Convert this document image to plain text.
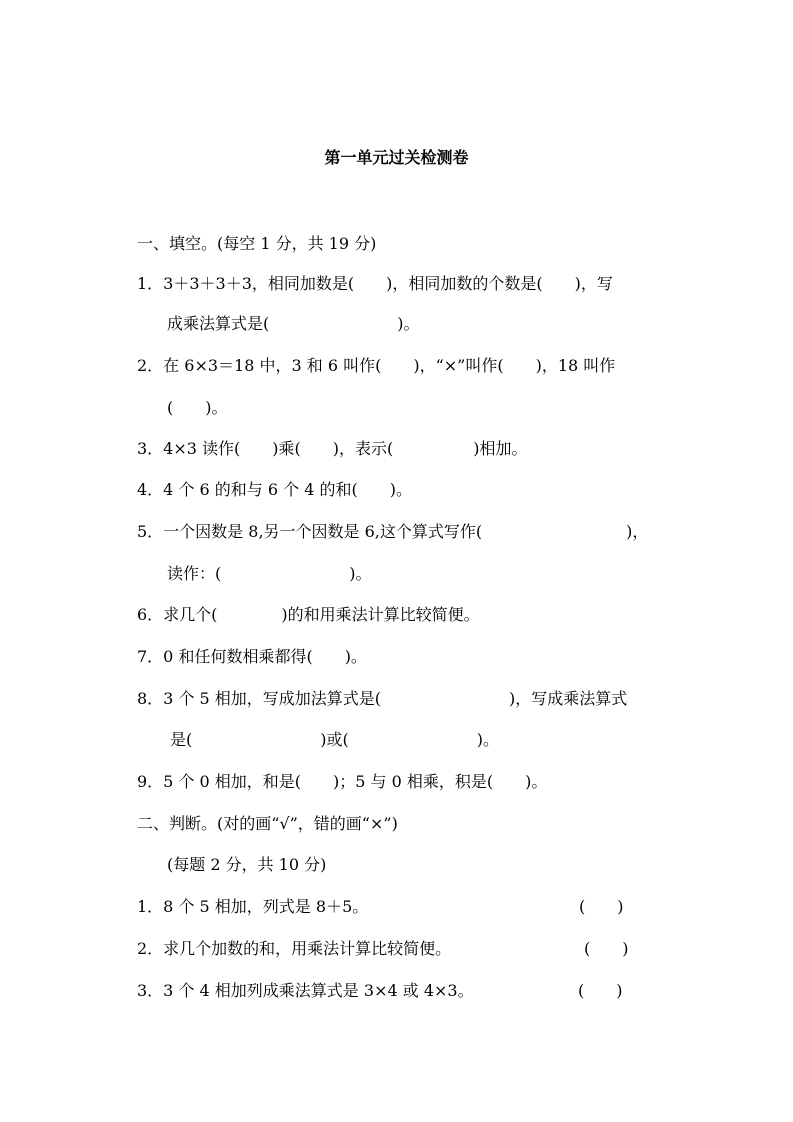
第一单元过关检测卷
一、填空。(每空 1 分，共 19 分)
1．3＋3＋3＋3，相同加数是(　　)，相同加数的个数是(　　)，写
成乘法算式是(　　　　　　　　)。
2．在 6×3＝18 中，3 和 6 叫作(　　)，“×”叫作(　　)，18 叫作
(　　)。
3．4×3 读作(　　)乘(　　)，表示(　　　　　)相加。
4．4 个 6 的和与 6 个 4 的和(　　)。
5．一个因数是 8,另一个因数是 6,这个算式写作(　　　　　　　　　)，
读作：(　　　　　　　　)。
6．求几个(　　　　)的和用乘法计算比较简便。
7．0 和任何数相乘都得(　　)。
8．3 个 5 相加，写成加法算式是(　　　　　　　　)，写成乘法算式
是(　　　　　　　　)或(　　　　　　　　)。
9．5 个 0 相加，和是(　　)；5 与 0 相乘，积是(　　)。
二、判断。(对的画“√”，错的画“×”)
(每题 2 分，共 10 分)
1．8 个 5 相加，列式是 8＋5。	(　　)
2．求几个加数的和，用乘法计算比较简便。	(　　)
3．3 个 4 相加列成乘法算式是 3×4 或 4×3。	(　　)
